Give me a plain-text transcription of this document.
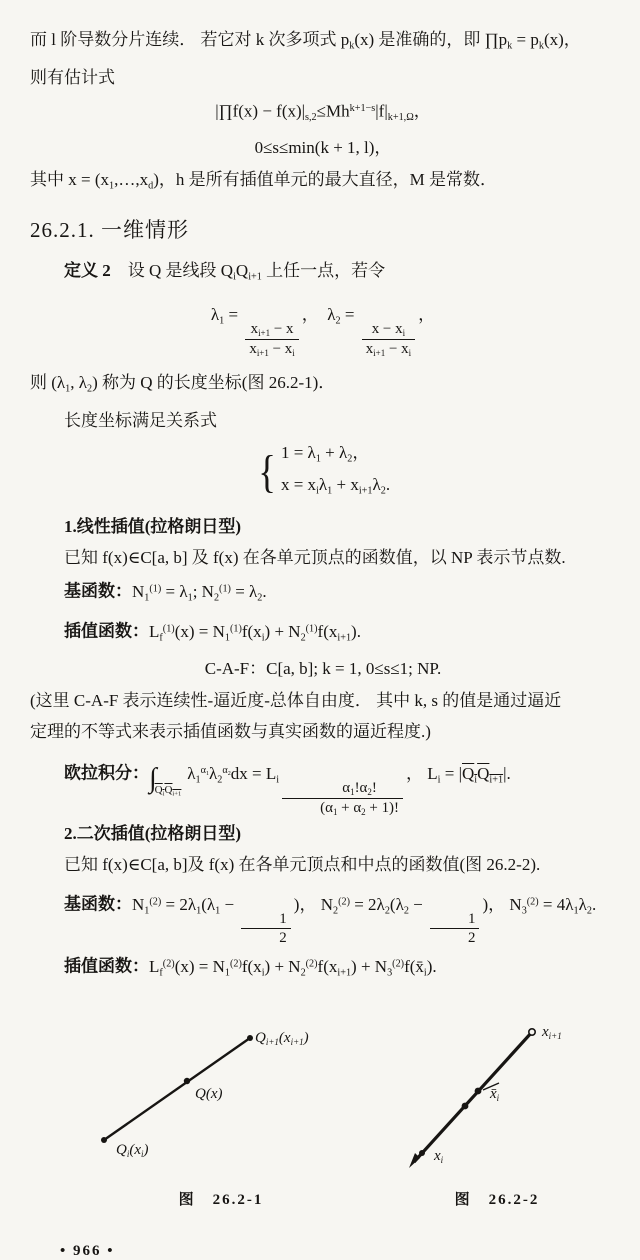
而 l 阶导数分片连续． 若它对 k 次多项式 $p_k(x)$ 是准确的，即 $\prod p_k = p_k(x)$，

则有估计式

|∏f(x) − $f(x)|_{s,2}\le Mh^{k+1-s}|f|_{k+1,\Omega}$，
0≤s≤min(k + 1, l)，

其中 $x = (x_1,\dots,x_d)$，h 是所有插值单元的最大直径，M 是常数．

26.2.1. 一维情形

定义 2　设 Q 是线段 $Q_iQ_{i+1}$ 上任一点，若令

$\lambda_1$ =
$\frac{x_{i+1} - x}{x_{i+1} - x_i}$
，　 $\lambda_2$ =
$\frac{x - x_i}{x_{i+1} - x_i}$
，

则 ($\lambda_1$, $\lambda_2$) 称为 Q 的长度坐标(图 26.2-1)．

长度坐标满足关系式

{ $1 = \lambda_1 + \lambda_2$，
$x = x_i\lambda_1 + x_{i+1}\lambda_2$.

1.线性插值(拉格朗日型)

已知 f(x)∈C[a, b] 及 f(x) 在各单元顶点的函数值，以 NP 表示节点数.

基函数：$N_1^{(1)} = \lambda_1$; $N_2^{(1)} = \lambda_2$.

插值函数：$L_f^{(1)}(x) = N_1^{(1)}f(x_i) + N_2^{(1)}f(x_{i+1})$.

C-A-F：C[a, b]; k = 1, 0≤s≤1; NP.

(这里 C-A-F 表示连续性-逼近度-总体自由度． 其中 k, s 的值是通过逼近

定理的不等式来表示插值函数与真实函数的逼近程度.)

欧拉积分：$\int_{Q_iQ_{i+1}}\lambda_1^{\alpha_1}\lambda_2^{\alpha_2}dx = L_i \frac{\alpha_1!\alpha_2!}{(\alpha_1 + \alpha_2 + 1)!}$
， $L_i = |Q_iQ_{i+1}|$.

2.二次插值(拉格朗日型)

已知 f(x)∈C[a, b]及 f(x) 在各单元顶点和中点的函数值(图 26.2-2).

基函数：$N_1^{(2)} = 2\lambda_1(\lambda_1$ −
$\frac{1}{2}$
)， $N_2^{(2)} = 2\lambda_2(\lambda_2$ −
$\frac{1}{2}$
)， $N_3^{(2)} = 4\lambda_1\lambda_2$.

插值函数：$L_f^{(2)}(x) = N_1^{(2)}f(x_i) + N_2^{(2)}f(x_{i+1})$ + $N_3^{(2)}f(x̄_i)$.

$Q_{i+1}(x_{i+1})$
Q(x)
$Q_i(x_i)$
图　26.2-1
$x_{i+1}$
$x̄_i$
$x_i$
图　26.2-2
• 966 •
